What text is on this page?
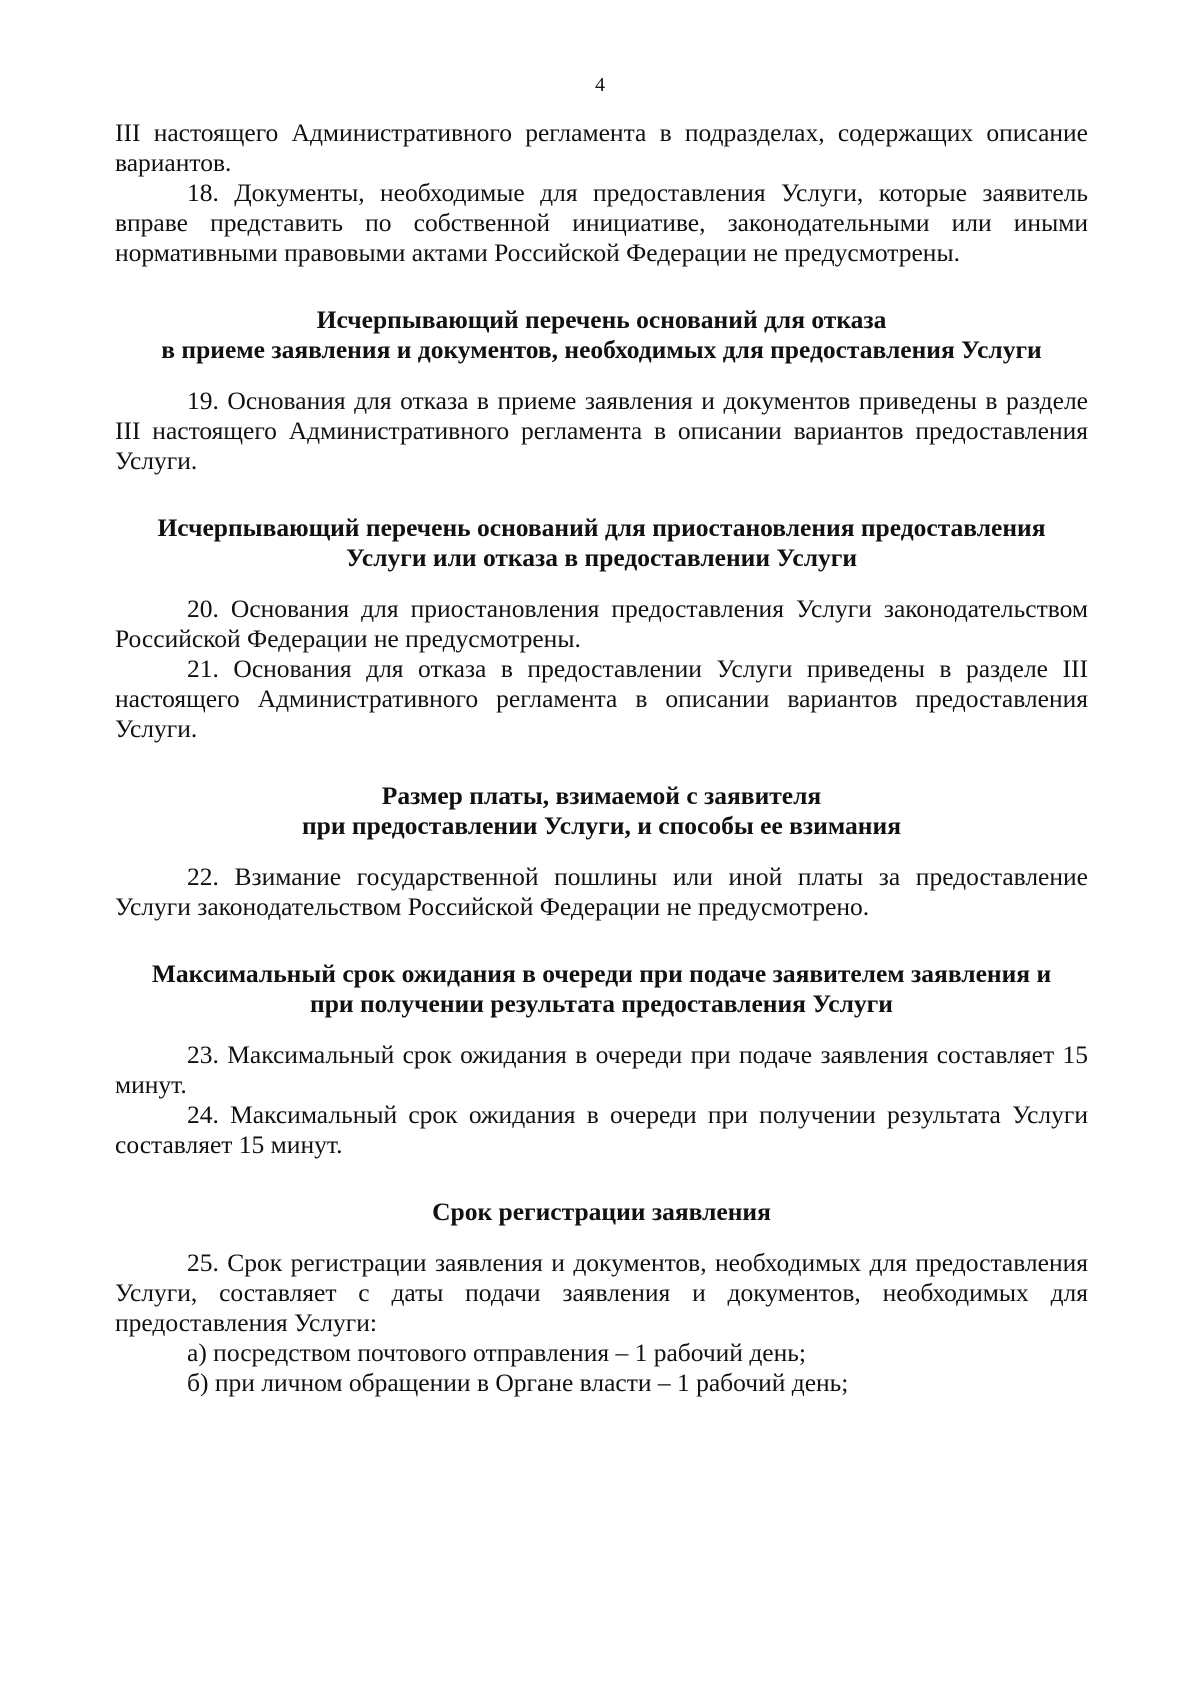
4

III настоящего Административного регламента в подразделах, содержащих описание вариантов.

18. Документы, необходимые для предоставления Услуги, которые заявитель вправе представить по собственной инициативе, законодательными или иными нормативными правовыми актами Российской Федерации не предусмотрены.

Исчерпывающий перечень оснований для отказа
в приеме заявления и документов, необходимых для предоставления Услуги

19. Основания для отказа в приеме заявления и документов приведены в разделе III настоящего Административного регламента в описании вариантов предоставления Услуги.

Исчерпывающий перечень оснований для приостановления предоставления
Услуги или отказа в предоставлении Услуги

20. Основания для приостановления предоставления Услуги законодательством Российской Федерации не предусмотрены.

21. Основания для отказа в предоставлении Услуги приведены в разделе III настоящего Административного регламента в описании вариантов предоставления Услуги.

Размер платы, взимаемой с заявителя
при предоставлении Услуги, и способы ее взимания

22. Взимание государственной пошлины или иной платы за предоставление Услуги законодательством Российской Федерации не предусмотрено.

Максимальный срок ожидания в очереди при подаче заявителем заявления и
при получении результата предоставления Услуги

23. Максимальный срок ожидания в очереди при подаче заявления составляет 15 минут.

24. Максимальный срок ожидания в очереди при получении результата Услуги составляет 15 минут.

Срок регистрации заявления

25. Срок регистрации заявления и документов, необходимых для предоставления Услуги, составляет с даты подачи заявления и документов, необходимых для предоставления Услуги:

а) посредством почтового отправления – 1 рабочий день;

б) при личном обращении в Органе власти – 1 рабочий день;
